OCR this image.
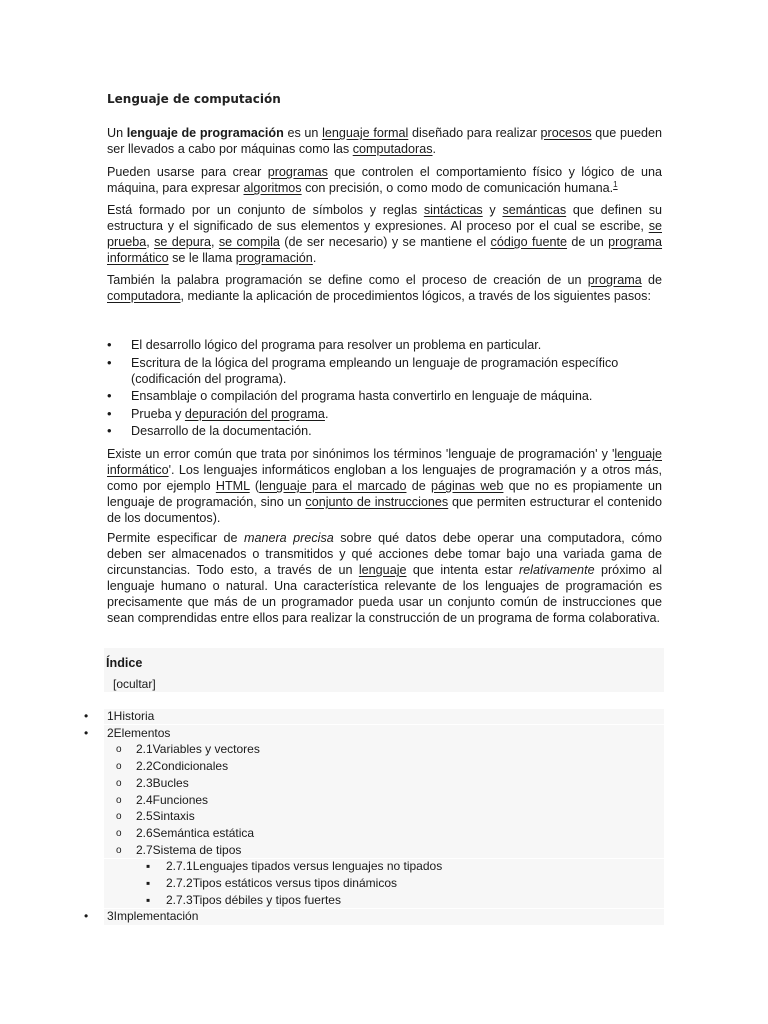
Lenguaje de computación
Un lenguaje de programación es un lenguaje formal diseñado para realizar procesos que pueden ser llevados a cabo por máquinas como las computadoras.
Pueden usarse para crear programas que controlen el comportamiento físico y lógico de una máquina, para expresar algoritmos con precisión, o como modo de comunicación humana.$^1$
Está formado por un conjunto de símbolos y reglas sintácticas y semánticas que definen su estructura y el significado de sus elementos y expresiones. Al proceso por el cual se escribe, se prueba, se depura, se compila (de ser necesario) y se mantiene el código fuente de un programa informático se le llama programación.
También la palabra programación se define como el proceso de creación de un programa de computadora, mediante la aplicación de procedimientos lógicos, a través de los siguientes pasos:
• El desarrollo lógico del programa para resolver un problema en particular.
• Escritura de la lógica del programa empleando un lenguaje de programación específico (codificación del programa).
• Ensamblaje o compilación del programa hasta convertirlo en lenguaje de máquina.
• Prueba y depuración del programa.
• Desarrollo de la documentación.
Existe un error común que trata por sinónimos los términos 'lenguaje de programación' y 'lenguaje informático'. Los lenguajes informáticos engloban a los lenguajes de programación y a otros más, como por ejemplo HTML (lenguaje para el marcado de páginas web que no es propiamente un lenguaje de programación, sino un conjunto de instrucciones que permiten estructurar el contenido de los documentos).
Permite especificar de manera precisa sobre qué datos debe operar una computadora, cómo deben ser almacenados o transmitidos y qué acciones debe tomar bajo una variada gama de circunstancias. Todo esto, a través de un lenguaje que intenta estar relativamente próximo al lenguaje humano o natural. Una característica relevante de los lenguajes de programación es precisamente que más de un programador pueda usar un conjunto común de instrucciones que sean comprendidas entre ellos para realizar la construcción de un programa de forma colaborativa.
Índice
[ocultar]
• 1Historia
• 2Elementos
o 2.1Variables y vectores
o 2.2Condicionales
o 2.3Bucles
o 2.4Funciones
o 2.5Sintaxis
o 2.6Semántica estática
o 2.7Sistema de tipos
▪ 2.7.1Lenguajes tipados versus lenguajes no tipados
▪ 2.7.2Tipos estáticos versus tipos dinámicos
▪ 2.7.3Tipos débiles y tipos fuertes
• 3Implementación
